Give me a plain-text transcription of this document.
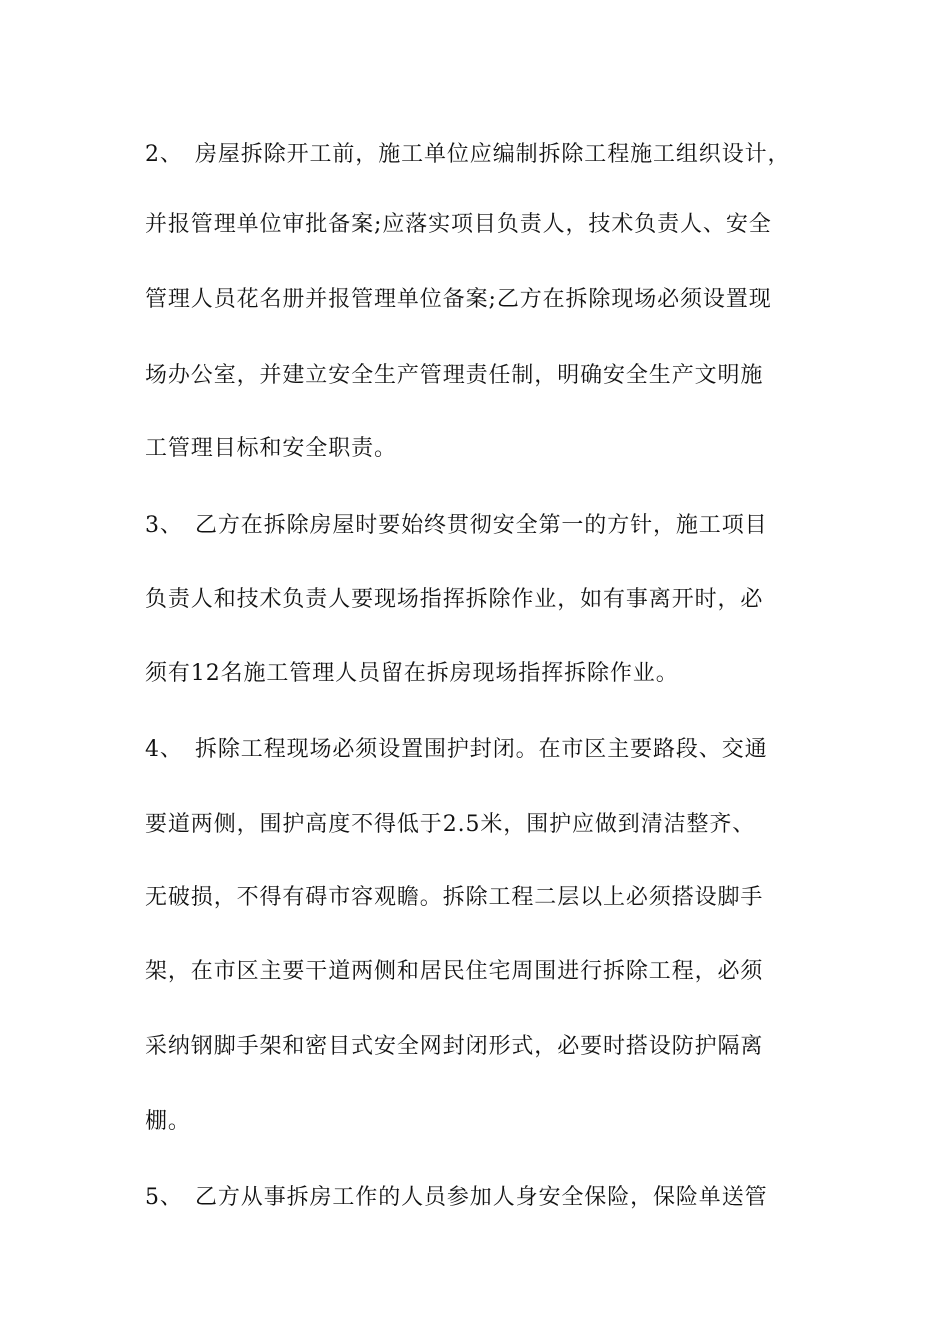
2、 房屋拆除开工前，施工单位应编制拆除工程施工组织设计，
并报管理单位审批备案;应落实项目负责人，技术负责人、安全
管理人员花名册并报管理单位备案;乙方在拆除现场必须设置现
场办公室，并建立安全生产管理责任制，明确安全生产文明施
工管理目标和安全职责。
3、 乙方在拆除房屋时要始终贯彻安全第一的方针，施工项目
负责人和技术负责人要现场指挥拆除作业，如有事离开时，必
须有12名施工管理人员留在拆房现场指挥拆除作业。
4、 拆除工程现场必须设置围护封闭。在市区主要路段、交通
要道两侧，围护高度不得低于2.5米，围护应做到清洁整齐、
无破损，不得有碍市容观瞻。拆除工程二层以上必须搭设脚手
架，在市区主要干道两侧和居民住宅周围进行拆除工程，必须
采纳钢脚手架和密目式安全网封闭形式，必要时搭设防护隔离
棚。
5、 乙方从事拆房工作的人员参加人身安全保险，保险单送管
